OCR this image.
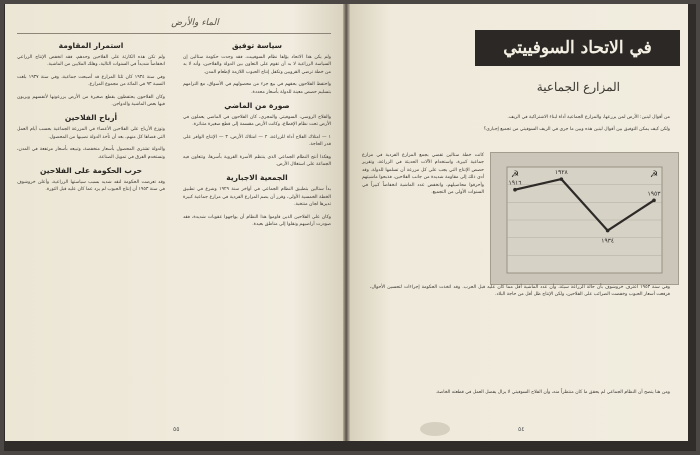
الماء والأرض
سياسة توفيق

ولم يكن هذا الاتحاد يؤلفا نظام السوفييت، فقد وجدت حكومة ستالين إن السياسة الزراعية لا بد أن تقوم على التعاون بين الدولة والفلاحين، وأنه لا بد من خطة ترضي القرويين وتكفل إنتاج الحبوب اللازمة لإطعام المدن.

واحتفظ الفلاحون بحقهم في بيع جزء من محصولهم في الأسواق، مع التزامهم بتسليم حصص معينة للدولة بأسعار محددة.

صورة من الماضي

والفلاح الروسي، السوفيتي والمجري، كان الفلاحون في الماضي يعملون في الأرض تحت نظام الإقطاع، وكانت الأرض مقسمة إلى قطع صغيرة متناثرة.

١ — امتلاك الفلاح أداة للزراعة، ٢ — امتلاك الأرض، ٣ — الإنتاج الوافر على قدر الحاجة.

وهكذا أنتج النظام الجماعي الذي ينتظم الأسرة القروية بأسرها، وتتعاون فيه الجماعة على استغلال الأرض.

الجمعية الاجبارية

بدأ ستالين بتطبيق النظام الجماعي في أواخر سنة ١٩٢٩ وشرع في تطبيق الخطة الخمسية الأولى، وقرر أن يضم المزارع الفردية في مزارع جماعية كبيرة تديرها لجان منتخبة.

وكان على الفلاحين الذين قاوموا هذا النظام أن يواجهوا عقوبات شديدة، فقد صودرت أراضيهم ونقلوا إلى مناطق بعيدة.

استمرار المقاومة

ولم تكن هذه الكارثة على الفلاحين وحدهم، فقد انخفض الإنتاج الزراعي انخفاضاً شديداً في السنوات التالية، وهلك الملايين من الماشية.

وفي سنة ١٩٣٤ كان ثلثا المزارع قد أصبحت جماعية، وفي سنة ١٩٣٧ بلغت النسبة ٩٣ في المائة من مجموع المزارع.

وكان الفلاحون يحتفظون بقطع صغيرة من الأرض يزرعونها لأنفسهم ويربون فيها بعض الماشية والدواجن.

أرباح الفلاحين

وتوزع الأرباح على الفلاحين الأعضاء في المزرعة الجماعية بحسب أيام العمل التي قضاها كل منهم، بعد أن تأخذ الدولة نصيبها من المحصول.

والدولة تشتري المحصول بأسعار منخفضة، وتبيعه بأسعار مرتفعة في المدن، وتستخدم الفرق في تمويل الصناعة.

حرب الحكومة على الفلاحين

وقد تعرضت الحكومة لنقد شديد بسبب سياستها الزراعية، وأعلن خروشوف في سنة ١٩٥٣ أن إنتاج الحبوب لم يزد عما كان عليه قبل الثورة.

٥٥
في الاتحاد السوفييتي
المزارع الجماعية

من أقوال لينين: الأرض لمن يزرعها، والمزارع الجماعية أداة لبناء الاشتراكية في الريف.

ولكن كيف يمكن التوفيق بين أقوال لينين هذه وبين ما جرى في الريف السوفيتي من تجميع إجباري؟

كانت خطة ستالين تقضي بجمع المزارع الفردية في مزارع جماعية كبيرة، واستخدام الآلات الحديثة في الزراعة، وتقرير حصص الإنتاج التي يجب على كل مزرعة أن تسلمها للدولة. وقد أدى ذلك إلى مقاومة شديدة من جانب الفلاحين، فذبحوا ماشيتهم وأحرقوا محاصيلهم، وانخفض عدد الماشية انخفاضاً كبيراً في السنوات الأولى من التجميع.

١٩١٦
١٩٢٨
١٩٣٤
١٩٥٣
☭	☭

وفي سنة ١٩٥٣ اعترف خروشوف بأن حالة الزراعة سيئة، وأن عدد الماشية أقل مما كان عليه قبل الحرب. وقد اتخذت الحكومة إجراءات لتحسين الأحوال، فرفعت أسعار الحبوب وخفضت الضرائب على الفلاحين، ولكن الإنتاج ظل أقل من حاجة البلاد.

ومن هنا يتضح أن النظام الجماعي لم يحقق ما كان منتظراً منه، وأن الفلاح السوفيتي لا يزال يفضل العمل في قطعته الخاصة.

٥٤
